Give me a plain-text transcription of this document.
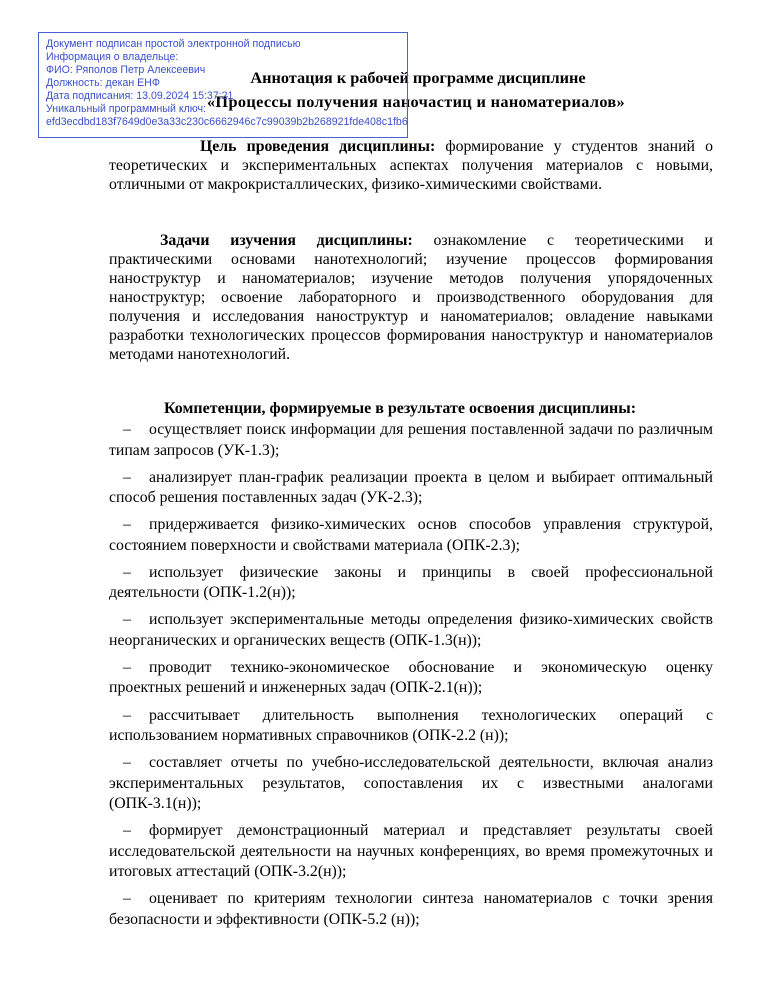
Документ подписан простой электронной подписью
Информация о владельце:
ФИО: Ряполов Петр Алексеевич
Должность: декан ЕНФ
Дата подписания: 13.09.2024 15:37:21
Уникальный программный ключ:
efd3ecdbd183f7649d0e3a33c230c6662946c7c99039b2b268921fde408c1fb6
Аннотация к рабочей программе дисциплине
«Процессы получения наночастиц и наноматериалов»
Цель проведения дисциплины: формирование у студентов знаний о теоретических и экспериментальных аспектах получения материалов с новыми, отличными от макрокристаллических, физико-химическими свойствами.
Задачи изучения дисциплины: ознакомление с теоретическими и практическими основами нанотехнологий; изучение процессов формирования наноструктур и наноматериалов; изучение методов получения упорядоченных наноструктур; освоение лабораторного и производственного оборудования для получения и исследования наноструктур и наноматериалов; овладение навыками разработки технологических процессов формирования наноструктур и наноматериалов методами нанотехнологий.
Компетенции, формируемые в результате освоения дисциплины:
– осуществляет поиск информации для решения поставленной задачи по различным типам запросов (УК-1.3);
– анализирует план-график реализации проекта в целом и выбирает оптимальный способ решения поставленных задач (УК-2.3);
– придерживается физико-химических основ способов управления структурой, состоянием поверхности и свойствами материала (ОПК-2.3);
– использует физические законы и принципы в своей профессиональной деятельности (ОПК-1.2(н));
– использует экспериментальные методы определения физико-химических свойств неорганических и органических веществ (ОПК-1.3(н));
– проводит технико-экономическое обоснование и экономическую оценку проектных решений и инженерных задач (ОПК-2.1(н));
– рассчитывает длительность выполнения технологических операций с использованием нормативных справочников (ОПК-2.2 (н));
– составляет отчеты по учебно-исследовательской деятельности, включая анализ экспериментальных результатов, сопоставления их с известными аналогами (ОПК-3.1(н));
– формирует демонстрационный материал и представляет результаты своей исследовательской деятельности на научных конференциях, во время промежуточных и итоговых аттестаций (ОПК-3.2(н));
– оценивает по критериям технологии синтеза наноматериалов с точки зрения безопасности и эффективности (ОПК-5.2 (н));
